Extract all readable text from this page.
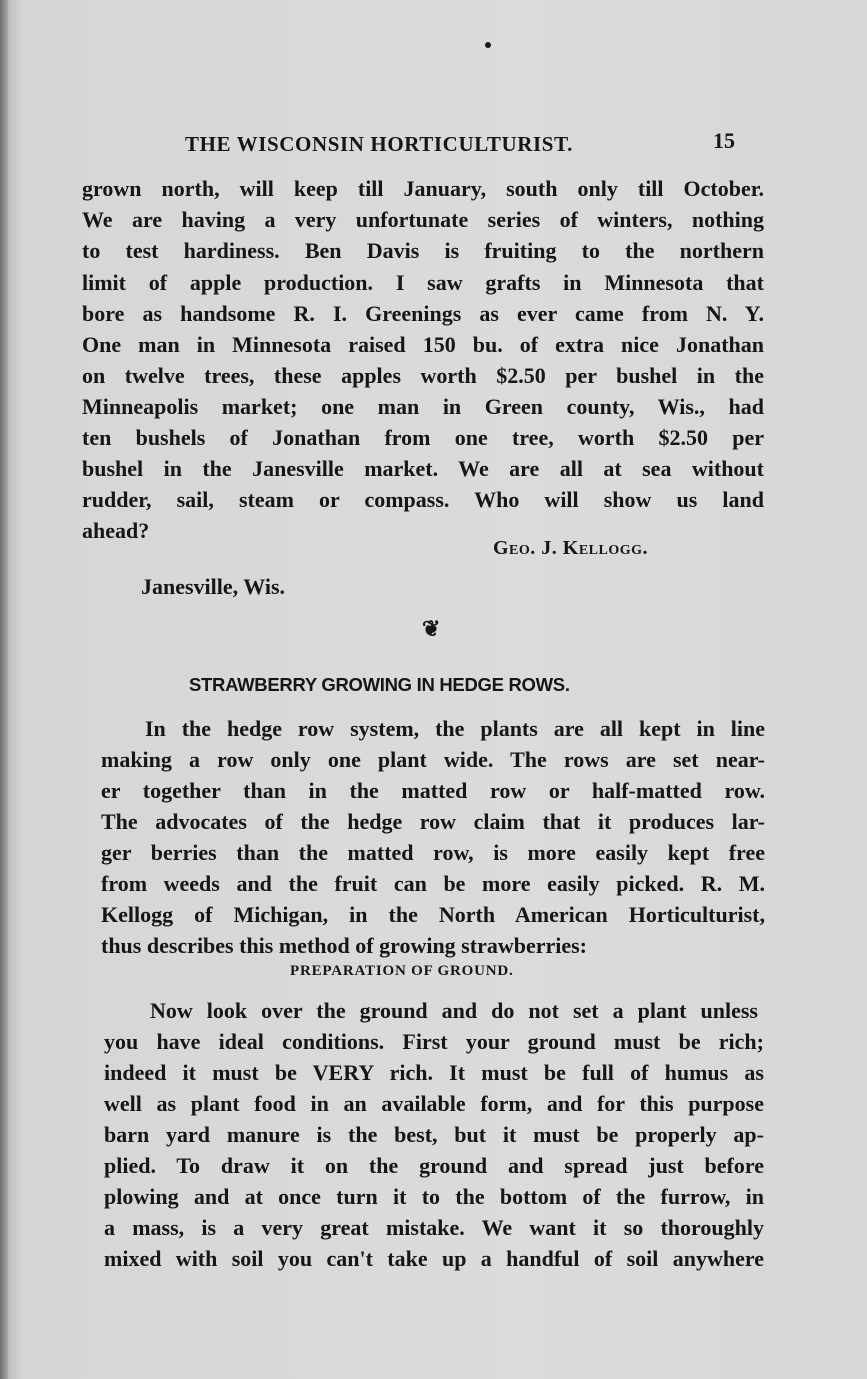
THE WISCONSIN HORTICULTURIST.	15
grown north, will keep till January, south only till October.
We are having a very unfortunate series of winters, nothing
to test hardiness. Ben Davis is fruiting to the northern
limit of apple production. I saw grafts in Minnesota that
bore as handsome R. I. Greenings as ever came from N. Y.
One man in Minnesota raised 150 bu. of extra nice Jonathan
on twelve trees, these apples worth $2.50 per bushel in the
Minneapolis market; one man in Green county, Wis., had
ten bushels of Jonathan from one tree, worth $2.50 per
bushel in the Janesville market. We are all at sea without
rudder, sail, steam or compass. Who will show us land
ahead?
Geo. J. Kellogg.
Janesville, Wis.
❦
STRAWBERRY GROWING IN HEDGE ROWS.
In the hedge row system, the plants are all kept in line
making a row only one plant wide. The rows are set near-
er together than in the matted row or half-matted row.
The advocates of the hedge row claim that it produces lar-
ger berries than the matted row, is more easily kept free
from weeds and the fruit can be more easily picked. R. M.
Kellogg of Michigan, in the North American Horticulturist,
thus describes this method of growing strawberries:
PREPARATION OF GROUND.
Now look over the ground and do not set a plant unless
you have ideal conditions. First your ground must be rich;
indeed it must be VERY rich. It must be full of humus as
well as plant food in an available form, and for this purpose
barn yard manure is the best, but it must be properly ap-
plied. To draw it on the ground and spread just before
plowing and at once turn it to the bottom of the furrow, in
a mass, is a very great mistake. We want it so thoroughly
mixed with soil you can't take up a handful of soil anywhere
